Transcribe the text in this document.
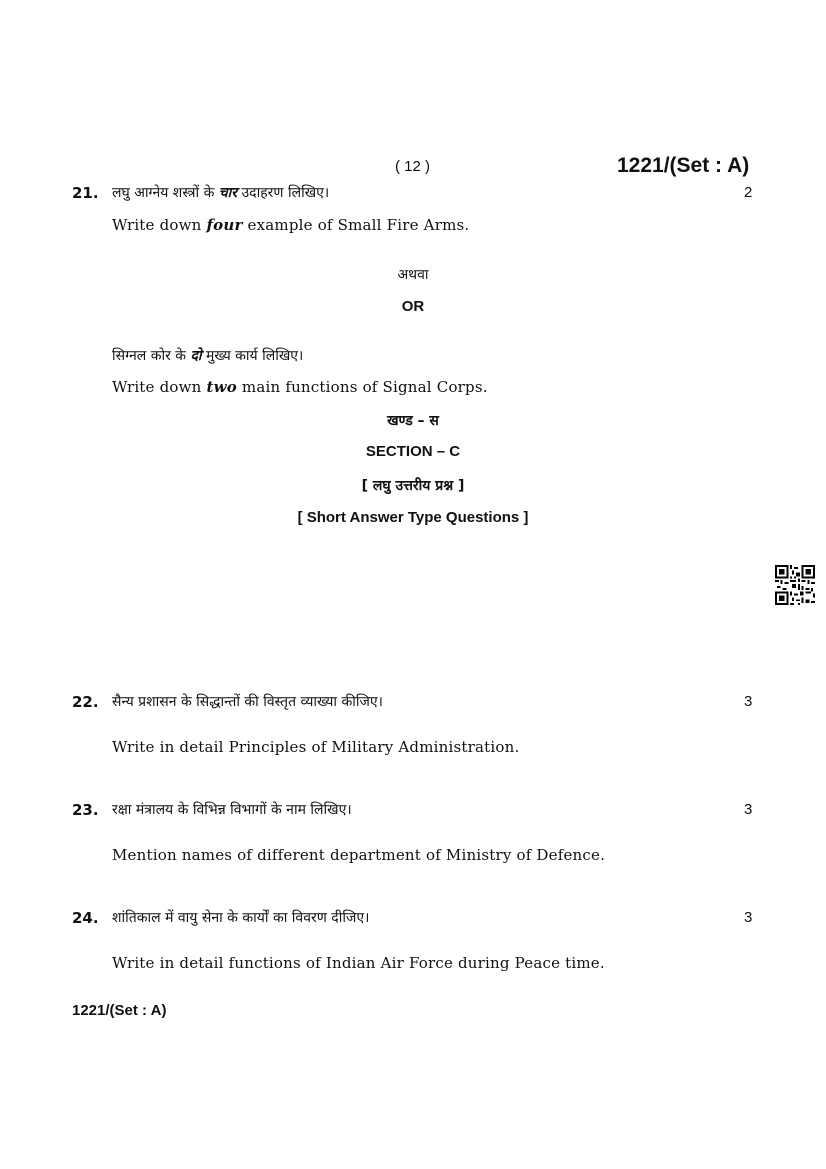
( 12 )	1221/(Set : A)
21. लघु आग्नेय शस्त्रों के चार उदाहरण लिखिए।	2
Write down four example of Small Fire Arms.
अथवा
OR
सिग्नल कोर के दो मुख्य कार्य लिखिए।
Write down two main functions of Signal Corps.
खण्ड – स
SECTION – C
[ लघु उत्तरीय प्रश्न ]
[ Short Answer Type Questions ]
22. सैन्य प्रशासन के सिद्धान्तों की विस्तृत व्याख्या कीजिए।	3
Write in detail Principles of Military Administration.
23. रक्षा मंत्रालय के विभिन्न विभागों के नाम लिखिए।	3
Mention names of different department of Ministry of Defence.
24. शांतिकाल में वायु सेना के कार्यों का विवरण दीजिए।	3
Write in detail functions of Indian Air Force during Peace time.
1221/(Set : A)
